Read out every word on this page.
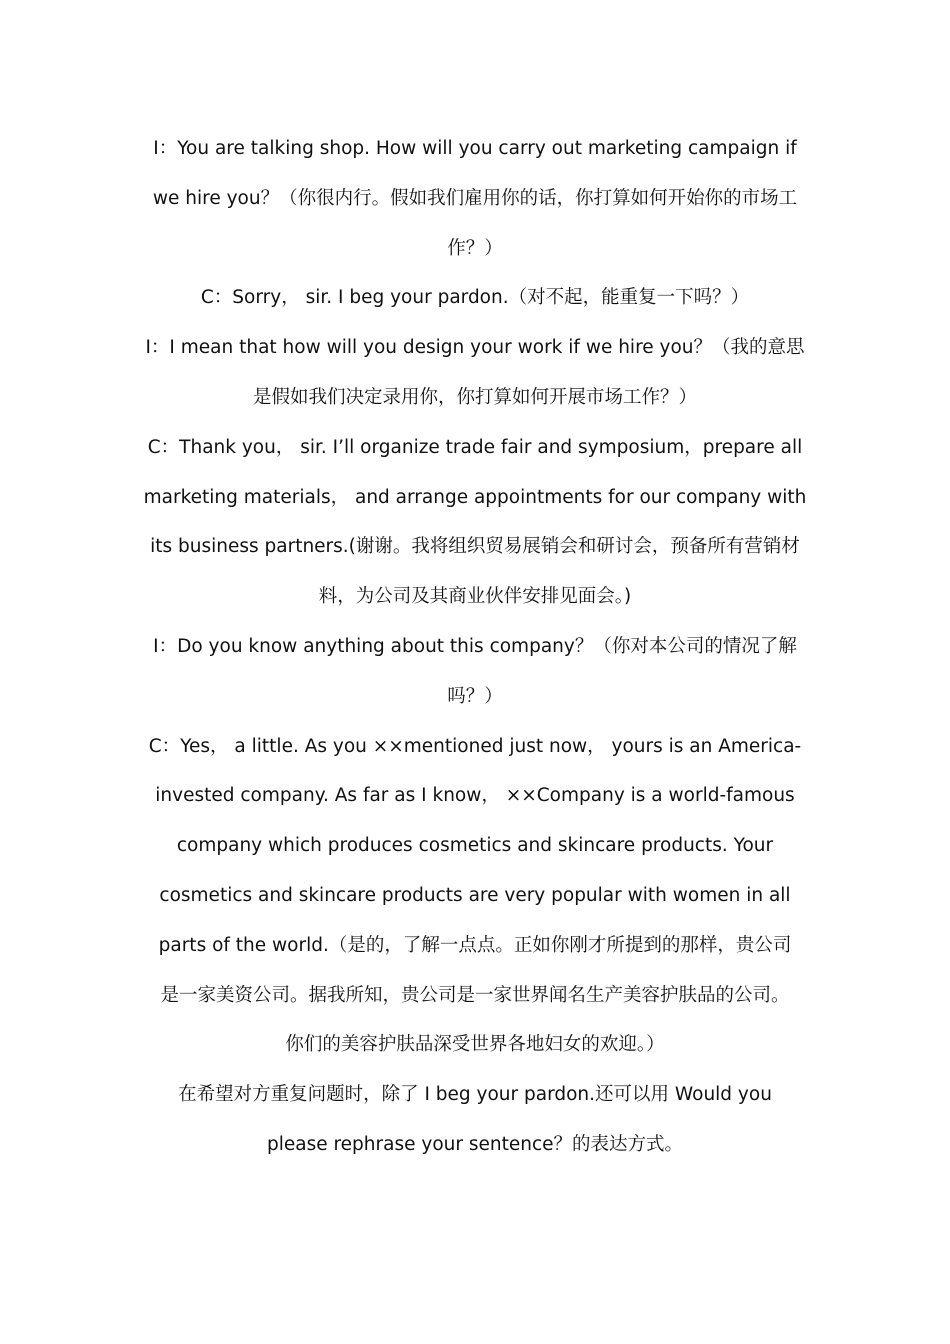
I：You are talking shop. How will you carry out marketing campaign if
we hire you？（你很内行。假如我们雇用你的话，你打算如何开始你的市场工
作？）
C：Sorry， sir. I beg your pardon.（对不起，能重复一下吗？）
I：I mean that how will you design your work if we hire you？（我的意思
是假如我们决定录用你，你打算如何开展市场工作？）
C：Thank you， sir. I’ll organize trade fair and symposium，prepare all
marketing materials， and arrange appointments for our company with
its business partners.(谢谢。我将组织贸易展销会和研讨会，预备所有营销材
料，为公司及其商业伙伴安排见面会。)
I：Do you know anything about this company？（你对本公司的情况了解
吗？）
C：Yes， a little. As you ××mentioned just now， yours is an America-
invested company. As far as I know， ××Company is a world-famous
company which produces cosmetics and skincare products. Your
cosmetics and skincare products are very popular with women in all
parts of the world.（是的，了解一点点。正如你刚才所提到的那样，贵公司
是一家美资公司。据我所知，贵公司是一家世界闻名生产美容护肤品的公司。
你们的美容护肤品深受世界各地妇女的欢迎。）
在希望对方重复问题时，除了 I beg your pardon.还可以用 Would you
please rephrase your sentence？的表达方式。
